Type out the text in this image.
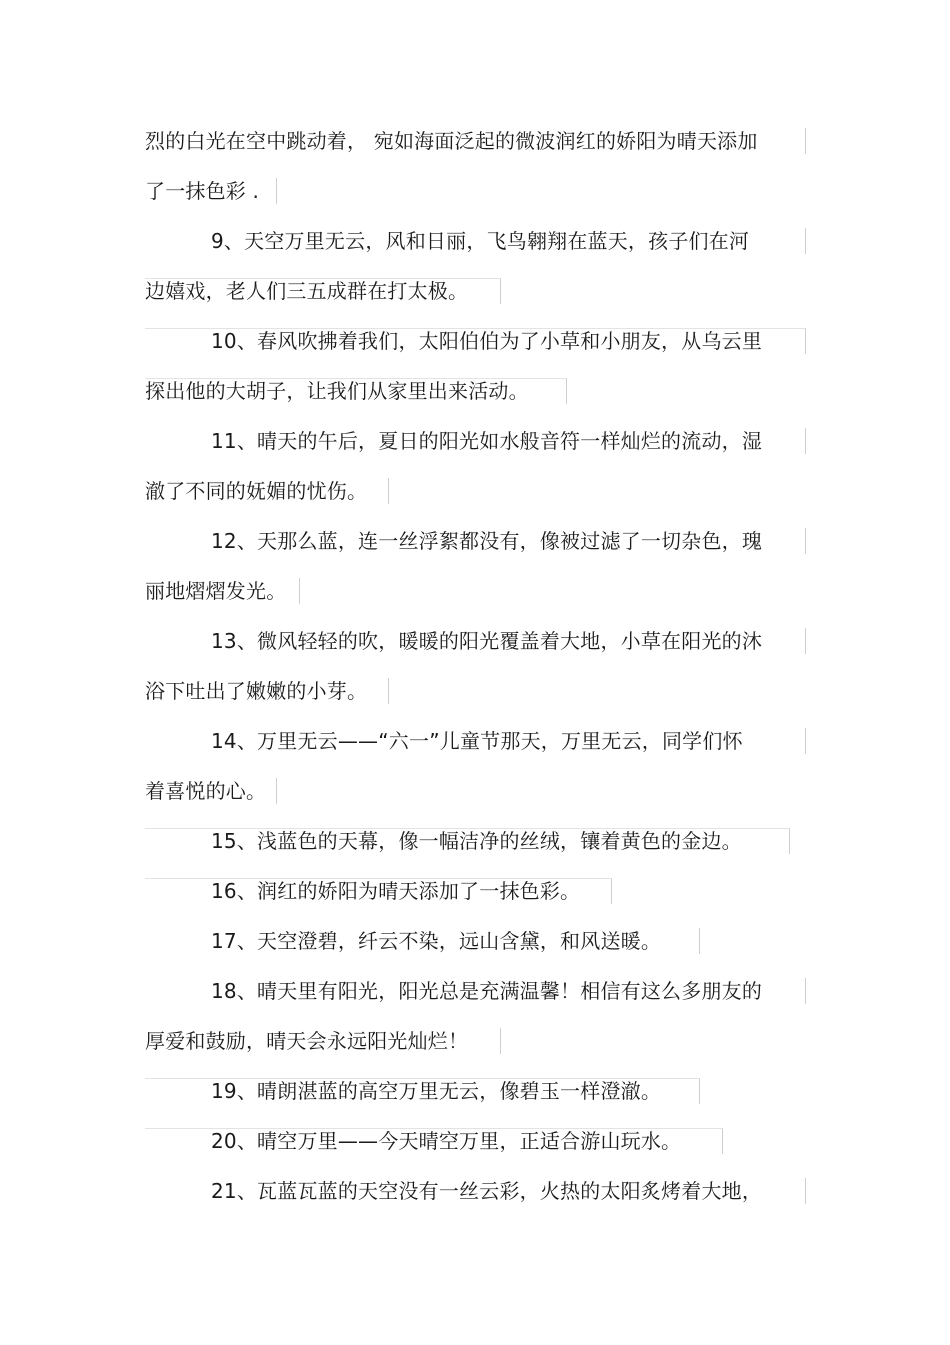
烈的白光在空中跳动着， 宛如海面泛起的微波润红的娇阳为晴天添加
了一抹色彩 .
9、天空万里无云，风和日丽，飞鸟翱翔在蓝天，孩子们在河
边嬉戏，老人们三五成群在打太极。
10、春风吹拂着我们，太阳伯伯为了小草和小朋友，从乌云里
探出他的大胡子，让我们从家里出来活动。
11、晴天的午后，夏日的阳光如水般音符一样灿烂的流动，湿
澈了不同的妩媚的忧伤。
12、天那么蓝，连一丝浮絮都没有，像被过滤了一切杂色，瑰
丽地熠熠发光。
13、微风轻轻的吹，暖暖的阳光覆盖着大地，小草在阳光的沐
浴下吐出了嫩嫩的小芽。
14、万里无云——“六一”儿童节那天，万里无云，同学们怀
着喜悦的心。
15、浅蓝色的天幕，像一幅洁净的丝绒，镶着黄色的金边。
16、润红的娇阳为晴天添加了一抹色彩。
17、天空澄碧，纤云不染，远山含黛，和风送暖。
18、晴天里有阳光，阳光总是充满温馨！相信有这么多朋友的
厚爱和鼓励，晴天会永远阳光灿烂！
19、晴朗湛蓝的高空万里无云，像碧玉一样澄澈。
20、晴空万里——今天晴空万里，正适合游山玩水。
21、瓦蓝瓦蓝的天空没有一丝云彩，火热的太阳炙烤着大地，
